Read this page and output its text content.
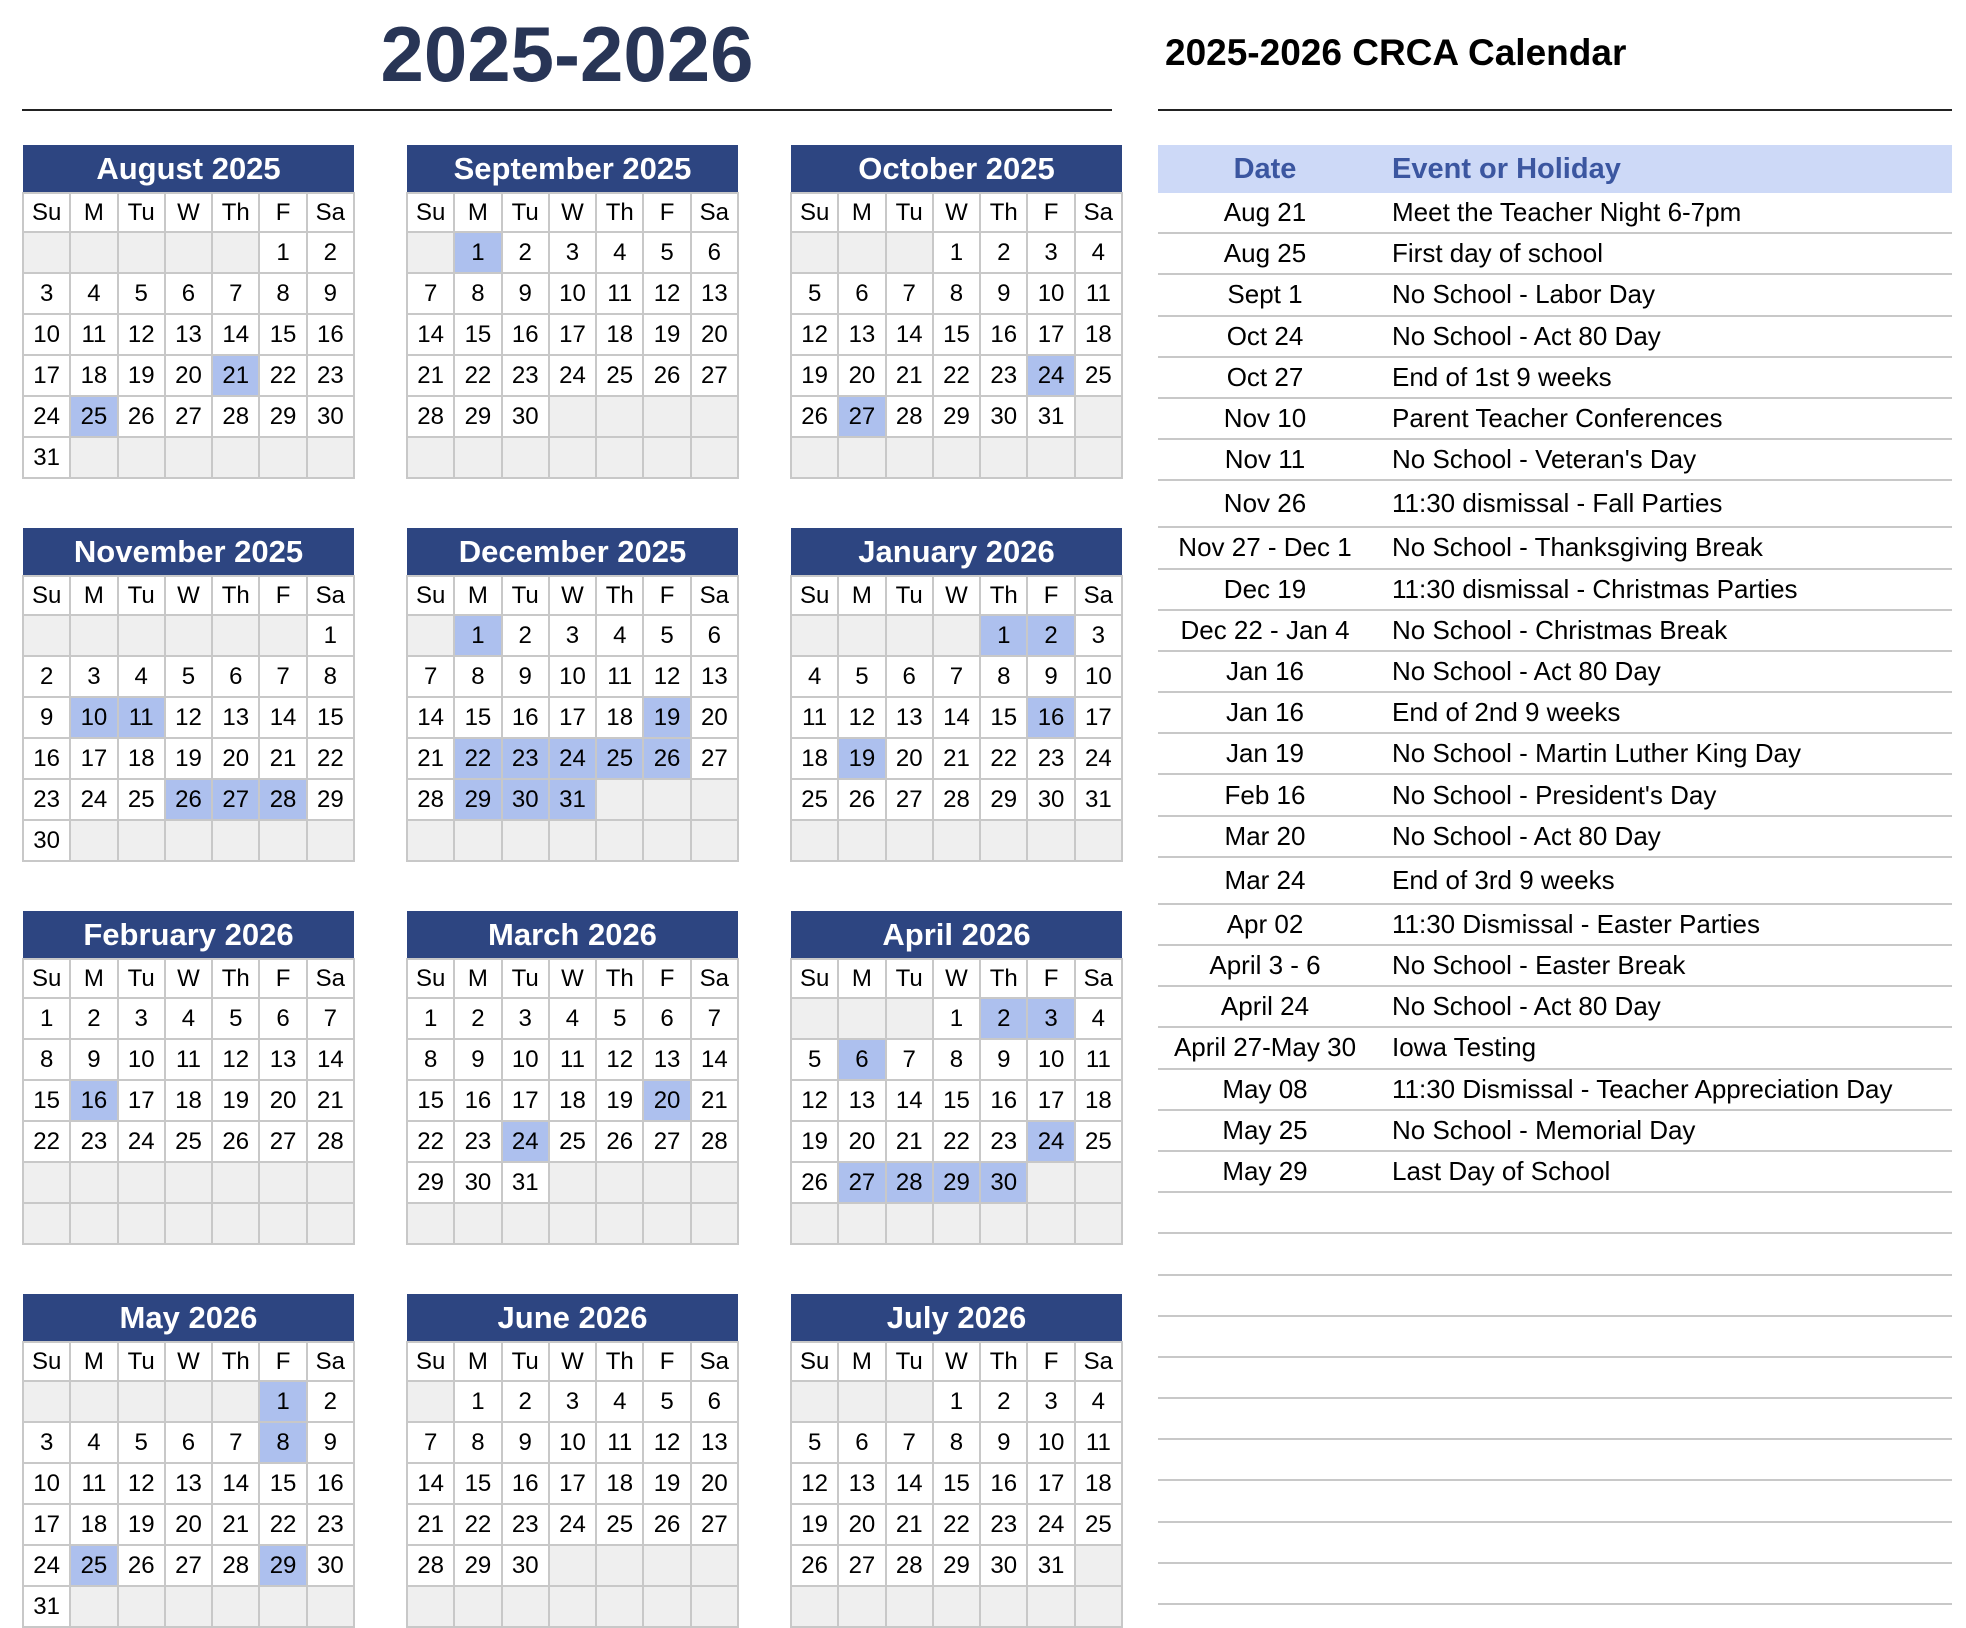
2025-2026	2025-2026 CRCA Calendar
August 2025						
Su	M	Tu	W	Th	F	Sa
					1	2
3	4	5	6	7	8	9
10	11	12	13	14	15	16
17	18	19	20	21	22	23
24	25	26	27	28	29	30
31						
September 2025						
Su	M	Tu	W	Th	F	Sa
	1	2	3	4	5	6
7	8	9	10	11	12	13
14	15	16	17	18	19	20
21	22	23	24	25	26	27
28	29	30				

October 2025						
Su	M	Tu	W	Th	F	Sa
			1	2	3	4
5	6	7	8	9	10	11
12	13	14	15	16	17	18
19	20	21	22	23	24	25
26	27	28	29	30	31	

November 2025						
Su	M	Tu	W	Th	F	Sa
						1
2	3	4	5	6	7	8
9	10	11	12	13	14	15
16	17	18	19	20	21	22
23	24	25	26	27	28	29
30						
December 2025						
Su	M	Tu	W	Th	F	Sa
	1	2	3	4	5	6
7	8	9	10	11	12	13
14	15	16	17	18	19	20
21	22	23	24	25	26	27
28	29	30	31			

January 2026						
Su	M	Tu	W	Th	F	Sa
				1	2	3
4	5	6	7	8	9	10
11	12	13	14	15	16	17
18	19	20	21	22	23	24
25	26	27	28	29	30	31

February 2026						
Su	M	Tu	W	Th	F	Sa
1	2	3	4	5	6	7
8	9	10	11	12	13	14
15	16	17	18	19	20	21
22	23	24	25	26	27	28

March 2026						
Su	M	Tu	W	Th	F	Sa
1	2	3	4	5	6	7
8	9	10	11	12	13	14
15	16	17	18	19	20	21
22	23	24	25	26	27	28
29	30	31				

April 2026						
Su	M	Tu	W	Th	F	Sa
			1	2	3	4
5	6	7	8	9	10	11
12	13	14	15	16	17	18
19	20	21	22	23	24	25
26	27	28	29	30		

May 2026						
Su	M	Tu	W	Th	F	Sa
					1	2
3	4	5	6	7	8	9
10	11	12	13	14	15	16
17	18	19	20	21	22	23
24	25	26	27	28	29	30
31						
June 2026						
Su	M	Tu	W	Th	F	Sa
	1	2	3	4	5	6
7	8	9	10	11	12	13
14	15	16	17	18	19	20
21	22	23	24	25	26	27
28	29	30				

July 2026						
Su	M	Tu	W	Th	F	Sa
			1	2	3	4
5	6	7	8	9	10	11
12	13	14	15	16	17	18
19	20	21	22	23	24	25
26	27	28	29	30	31	

Date	Event or Holiday
Aug 21	Meet the Teacher Night 6-7pm
Aug 25	First day of school
Sept 1	No School - Labor Day
Oct 24	No School - Act 80 Day
Oct 27	End of 1st 9 weeks
Nov 10	Parent Teacher Conferences
Nov 11	No School - Veteran's Day
Nov 26	11:30 dismissal - Fall Parties
Nov 27 - Dec 1	No School - Thanksgiving Break
Dec 19	11:30 dismissal - Christmas Parties
Dec 22 - Jan 4	No School - Christmas Break
Jan 16	No School - Act 80 Day
Jan 16	End of 2nd 9 weeks
Jan 19	No School - Martin Luther King Day
Feb 16	No School - President's Day
Mar 20	No School - Act 80 Day
Mar 24	End of 3rd 9 weeks
Apr 02	11:30 Dismissal - Easter Parties
April 3 - 6	No School - Easter Break
April 24	No School - Act 80 Day
April 27-May 30	Iowa Testing
May 08	11:30 Dismissal - Teacher Appreciation Day
May 25	No School - Memorial Day
May 29	Last Day of School
